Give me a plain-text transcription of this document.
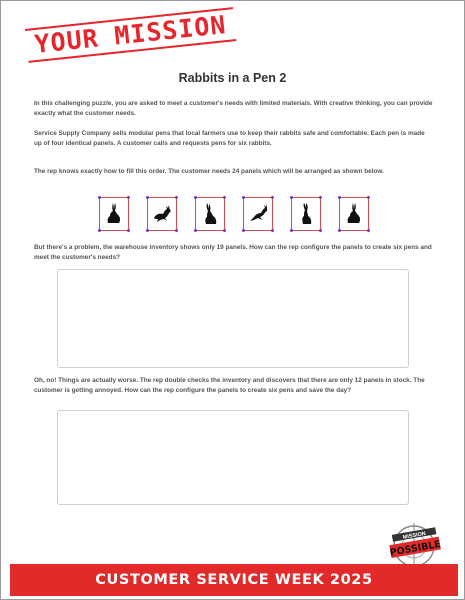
YOUR MISSION
Rabbits in a Pen 2

In this challenging puzzle, you are asked to meet a customer's needs with limited materials. With creative thinking, you can provide exactly what the customer needs.

Service Supply Company sells modular pens that local farmers use to keep their rabbits safe and comfortable. Each pen is made up of four identical panels. A customer calls and requests pens for six rabbits.

The rep knows exactly how to fill this order. The customer needs 24 panels which will be arranged as shown below.

But there's a problem, the warehouse inventory shows only 19 panels. How can the rep configure the panels to create six pens and meet the customer's needs?

Oh, no! Things are actually worse. The rep double checks the inventory and discovers that there are only 12 panels in stock. The customer is getting annoyed. How can the rep configure the panels to create six pens and save the day?

MISSION
POSSIBLE
CUSTOMER SERVICE WEEK 2025
